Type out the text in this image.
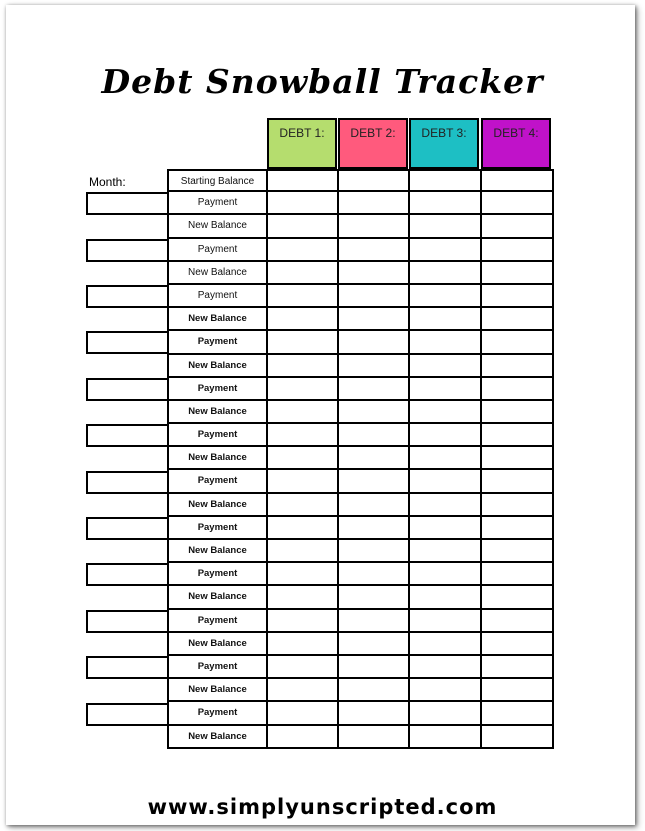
Debt Snowball Tracker
DEBT 1:	DEBT 2:	DEBT 3:	DEBT 4:
Month:	Starting Balance
Payment
New Balance
Payment
New Balance
Payment
New Balance
Payment
New Balance
Payment
New Balance
Payment
New Balance
Payment
New Balance
Payment
New Balance
Payment
New Balance
Payment
New Balance
Payment
New Balance
Payment
New Balance
www.simplyunscripted.com
